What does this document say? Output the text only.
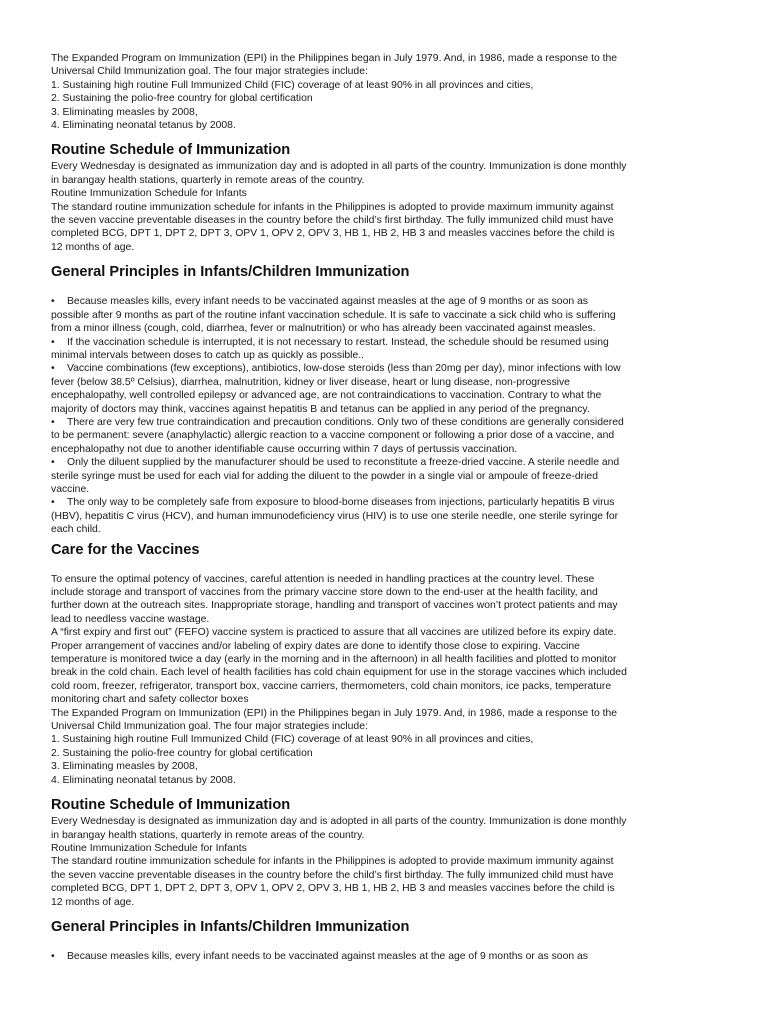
The Expanded Program on Immunization (EPI) in the Philippines began in July 1979. And, in 1986, made a response to the
Universal Child Immunization goal. The four major strategies include:
1. Sustaining high routine Full Immunized Child (FIC) coverage of at least 90% in all provinces and cities,
2. Sustaining the polio-free country for global certification
3. Eliminating measles by 2008,
4. Eliminating neonatal tetanus by 2008.
Routine Schedule of Immunization
Every Wednesday is designated as immunization day and is adopted in all parts of the country. Immunization is done monthly
in barangay health stations, quarterly in remote areas of the country.
Routine Immunization Schedule for Infants
The standard routine immunization schedule for infants in the Philippines is adopted to provide maximum immunity against
the seven vaccine preventable diseases in the country before the child’s first birthday. The fully immunized child must have
completed BCG, DPT 1, DPT 2, DPT 3, OPV 1, OPV 2, OPV 3, HB 1, HB 2, HB 3 and measles vaccines before the child is
12 months of age.
General Principles in Infants/Children Immunization
• Because measles kills, every infant needs to be vaccinated against measles at the age of 9 months or as soon as
possible after 9 months as part of the routine infant vaccination schedule. It is safe to vaccinate a sick child who is suffering
from a minor illness (cough, cold, diarrhea, fever or malnutrition) or who has already been vaccinated against measles.
• If the vaccination schedule is interrupted, it is not necessary to restart. Instead, the schedule should be resumed using
minimal intervals between doses to catch up as quickly as possible..
• Vaccine combinations (few exceptions), antibiotics, low-dose steroids (less than 20mg per day), minor infections with low
fever (below 38.5º Celsius), diarrhea, malnutrition, kidney or liver disease, heart or lung disease, non-progressive
encephalopathy, well controlled epilepsy or advanced age, are not contraindications to vaccination. Contrary to what the
majority of doctors may think, vaccines against hepatitis B and tetanus can be applied in any period of the pregnancy.
• There are very few true contraindication and precaution conditions. Only two of these conditions are generally considered
to be permanent: severe (anaphylactic) allergic reaction to a vaccine component or following a prior dose of a vaccine, and
encephalopathy not due to another identifiable cause occurring within 7 days of pertussis vaccination.
• Only the diluent supplied by the manufacturer should be used to reconstitute a freeze-dried vaccine. A sterile needle and
sterile syringe must be used for each vial for adding the diluent to the powder in a single vial or ampoule of freeze-dried
vaccine.
• The only way to be completely safe from exposure to blood-borne diseases from injections, particularly hepatitis B virus
(HBV), hepatitis C virus (HCV), and human immunodeficiency virus (HIV) is to use one sterile needle, one sterile syringe for
each child.
Care for the Vaccines
To ensure the optimal potency of vaccines, careful attention is needed in handling practices at the country level. These
include storage and transport of vaccines from the primary vaccine store down to the end-user at the health facility, and
further down at the outreach sites. Inappropriate storage, handling and transport of vaccines won’t protect patients and may
lead to needless vaccine wastage.
A “first expiry and first out” (FEFO) vaccine system is practiced to assure that all vaccines are utilized before its expiry date.
Proper arrangement of vaccines and/or labeling of expiry dates are done to identify those close to expiring. Vaccine
temperature is monitored twice a day (early in the morning and in the afternoon) in all health facilities and plotted to monitor
break in the cold chain. Each level of health facilities has cold chain equipment for use in the storage vaccines which included
cold room, freezer, refrigerator, transport box, vaccine carriers, thermometers, cold chain monitors, ice packs, temperature
monitoring chart and safety collector boxes
The Expanded Program on Immunization (EPI) in the Philippines began in July 1979. And, in 1986, made a response to the
Universal Child Immunization goal. The four major strategies include:
1. Sustaining high routine Full Immunized Child (FIC) coverage of at least 90% in all provinces and cities,
2. Sustaining the polio-free country for global certification
3. Eliminating measles by 2008,
4. Eliminating neonatal tetanus by 2008.
Routine Schedule of Immunization
Every Wednesday is designated as immunization day and is adopted in all parts of the country. Immunization is done monthly
in barangay health stations, quarterly in remote areas of the country.
Routine Immunization Schedule for Infants
The standard routine immunization schedule for infants in the Philippines is adopted to provide maximum immunity against
the seven vaccine preventable diseases in the country before the child’s first birthday. The fully immunized child must have
completed BCG, DPT 1, DPT 2, DPT 3, OPV 1, OPV 2, OPV 3, HB 1, HB 2, HB 3 and measles vaccines before the child is
12 months of age.
General Principles in Infants/Children Immunization
• Because measles kills, every infant needs to be vaccinated against measles at the age of 9 months or as soon as
